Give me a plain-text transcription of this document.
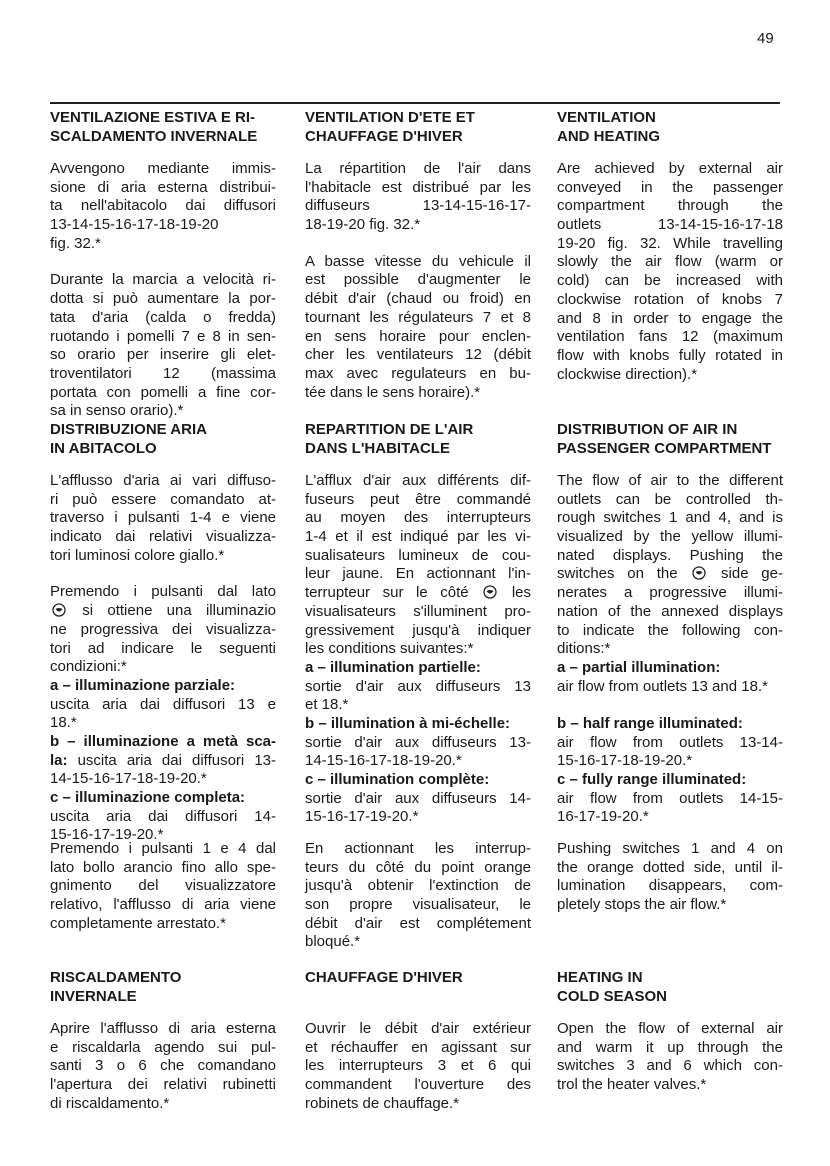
49
VENTILAZIONE ESTIVA E RI-
SCALDAMENTO INVERNALE
Avvengono mediante immis-
sione di aria esterna distribui-
ta nell'abitacolo dai diffusori
13-14-15-16-17-18-19-20
fig. 32.*
Durante la marcia a velocità ri-
dotta si può aumentare la por-
tata d'aria (calda o fredda)
ruotando i pomelli 7 e 8 in sen-
so orario per inserire gli elet-
troventilatori 12 (massima
portata con pomelli a fine cor-
sa in senso orario).*
VENTILATION D'ETE ET
CHAUFFAGE D'HIVER
La répartition de l'air dans
l'habitacle est distribué par les
diffuseurs 13-14-15-16-17-
18-19-20 fig. 32.*
A basse vitesse du vehicule il
est possible d'augmenter le
débit d'air (chaud ou froid) en
tournant les régulateurs 7 et 8
en sens horaire pour enclen-
cher les ventilateurs 12 (débit
max avec regulateurs en bu-
tée dans le sens horaire).*
VENTILATION
AND HEATING
Are achieved by external air
conveyed in the passenger
compartment through the
outlets 13-14-15-16-17-18
19-20 fig. 32. While travelling
slowly the air flow (warm or
cold) can be increased with
clockwise rotation of knobs 7
and 8 in order to engage the
ventilation fans 12 (maximum
flow with knobs fully rotated in
clockwise direction).*
DISTRIBUZIONE ARIA
IN ABITACOLO
L'afflusso d'aria ai vari diffuso-
ri può essere comandato at-
traverso i pulsanti 1-4 e viene
indicato dai relativi visualizza-
tori luminosi colore giallo.*
Premendo i pulsanti dal lato
si ottiene una illuminazio
ne progressiva dei visualizza-
tori ad indicare le seguenti
condizioni:*
a – illuminazione parziale:
uscita aria dai diffusori 13 e
18.*
b – illuminazione a metà sca-
la: uscita aria dai diffusori 13-
14-15-16-17-18-19-20.*
c – illuminazione completa:
uscita aria dai diffusori 14-
15-16-17-19-20.*
REPARTITION DE L'AIR
DANS L'HABITACLE
L'afflux d'air aux différents dif-
fuseurs peut être commandé
au moyen des interrupteurs
1-4 et il est indiqué par les vi-
sualisateurs lumineux de cou-
leur jaune. En actionnant l'in-
terrupteur sur le côté  les
visualisateurs s'illuminent pro-
gressivement jusqu'à indiquer
les conditions suivantes:*
a – illumination partielle:
sortie d'air aux diffuseurs 13
et 18.*
b – illumination à mi-échelle:
sortie d'air aux diffuseurs 13-
14-15-16-17-18-19-20.*
c – illumination complète:
sortie d'air aux diffuseurs 14-
15-16-17-19-20.*
DISTRIBUTION OF AIR IN
PASSENGER COMPARTMENT
The flow of air to the different
outlets can be controlled th-
rough switches 1 and 4, and is
visualized by the yellow illumi-
nated displays. Pushing the
switches on the  side ge-
nerates a progressive illumi-
nation of the annexed displays
to indicate the following con-
ditions:*
a – partial illumination:
air flow from outlets 13 and 18.*
b – half range illuminated:
air flow from outlets 13-14-
15-16-17-18-19-20.*
c – fully range illuminated:
air flow from outlets 14-15-
16-17-19-20.*
RISCALDAMENTO
INVERNALE
CHAUFFAGE D'HIVER	HEATING IN
COLD SEASON
Premendo i pulsanti 1 e 4 dal
lato bollo arancio fino allo spe-
gnimento del visualizzatore
relativo, l'afflusso di aria viene
completamente arrestato.*
En actionnant les interrup-
teurs du côté du point orange
jusqu'à obtenir l'extinction de
son propre visualisateur, le
débit d'air est complétement
bloqué.*
Pushing switches 1 and 4 on
the orange dotted side, until il-
lumination disappears, com-
pletely stops the air flow.*
Aprire l'afflusso di aria esterna
e riscaldarla agendo sui pul-
santi 3 o 6 che comandano
l'apertura dei relativi rubinetti
di riscaldamento.*
Ouvrir le débit d'air extérieur
et réchauffer en agissant sur
les interrupteurs 3 et 6 qui
commandent l'ouverture des
robinets de chauffage.*
Open the flow of external air
and warm it up through the
switches 3 and 6 which con-
trol the heater valves.*
